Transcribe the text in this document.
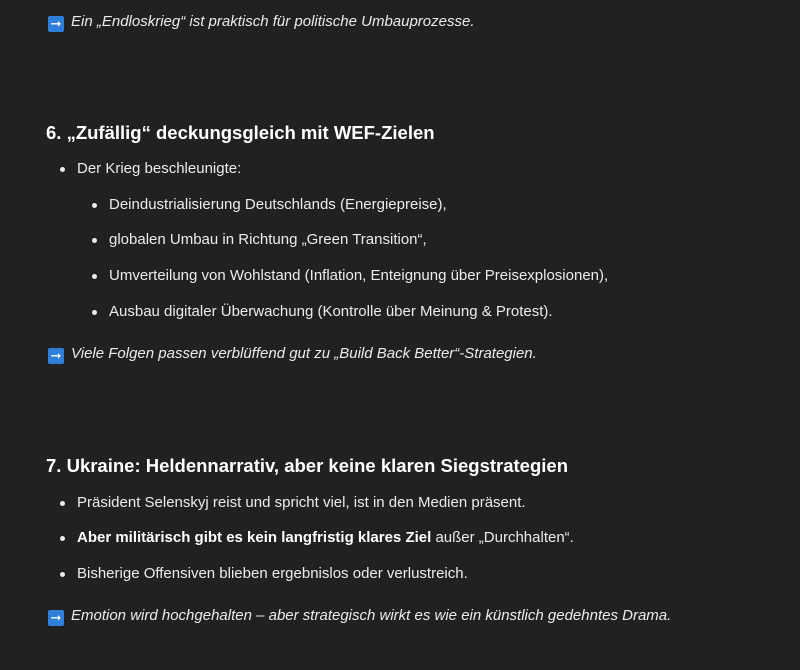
➞ Ein „Endloskrieg“ ist praktisch für politische Umbauprozesse.
6. „Zufällig“ deckungsgleich mit WEF-Zielen
Der Krieg beschleunigte:
Deindustrialisierung Deutschlands (Energiepreise),
globalen Umbau in Richtung „Green Transition“,
Umverteilung von Wohlstand (Inflation, Enteignung über Preisexplosionen),
Ausbau digitaler Überwachung (Kontrolle über Meinung & Protest).
➞ Viele Folgen passen verblüffend gut zu „Build Back Better“-Strategien.
7. Ukraine: Heldennarrativ, aber keine klaren Siegstrategien
Präsident Selenskyj reist und spricht viel, ist in den Medien präsent.
Aber militärisch gibt es kein langfristig klares Ziel außer „Durchhalten“.
Bisherige Offensiven blieben ergebnislos oder verlustreich.
➞ Emotion wird hochgehalten – aber strategisch wirkt es wie ein künstlich gedehntes Drama.
